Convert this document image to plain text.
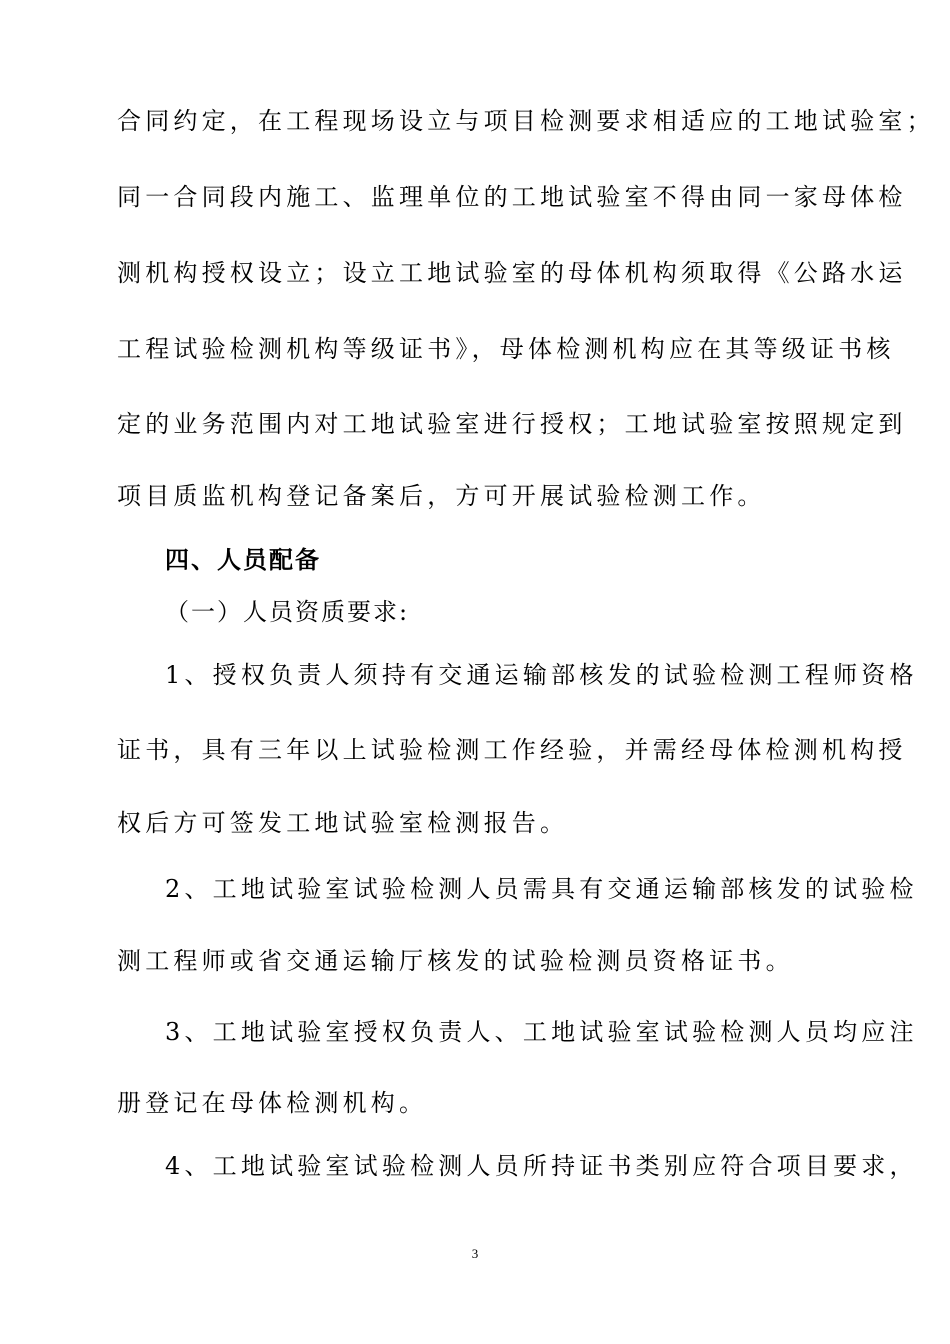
合同约定，在工程现场设立与项目检测要求相适应的工地试验室；
同一合同段内施工、监理单位的工地试验室不得由同一家母体检
测机构授权设立；设立工地试验室的母体机构须取得《公路水运
工程试验检测机构等级证书》，母体检测机构应在其等级证书核
定的业务范围内对工地试验室进行授权；工地试验室按照规定到
项目质监机构登记备案后，方可开展试验检测工作。
四、人员配备
（一）人员资质要求:
1、授权负责人须持有交通运输部核发的试验检测工程师资格
证书，具有三年以上试验检测工作经验，并需经母体检测机构授
权后方可签发工地试验室检测报告。
2、工地试验室试验检测人员需具有交通运输部核发的试验检
测工程师或省交通运输厅核发的试验检测员资格证书。
3、工地试验室授权负责人、工地试验室试验检测人员均应注
册登记在母体检测机构。
4、工地试验室试验检测人员所持证书类别应符合项目要求，
3
